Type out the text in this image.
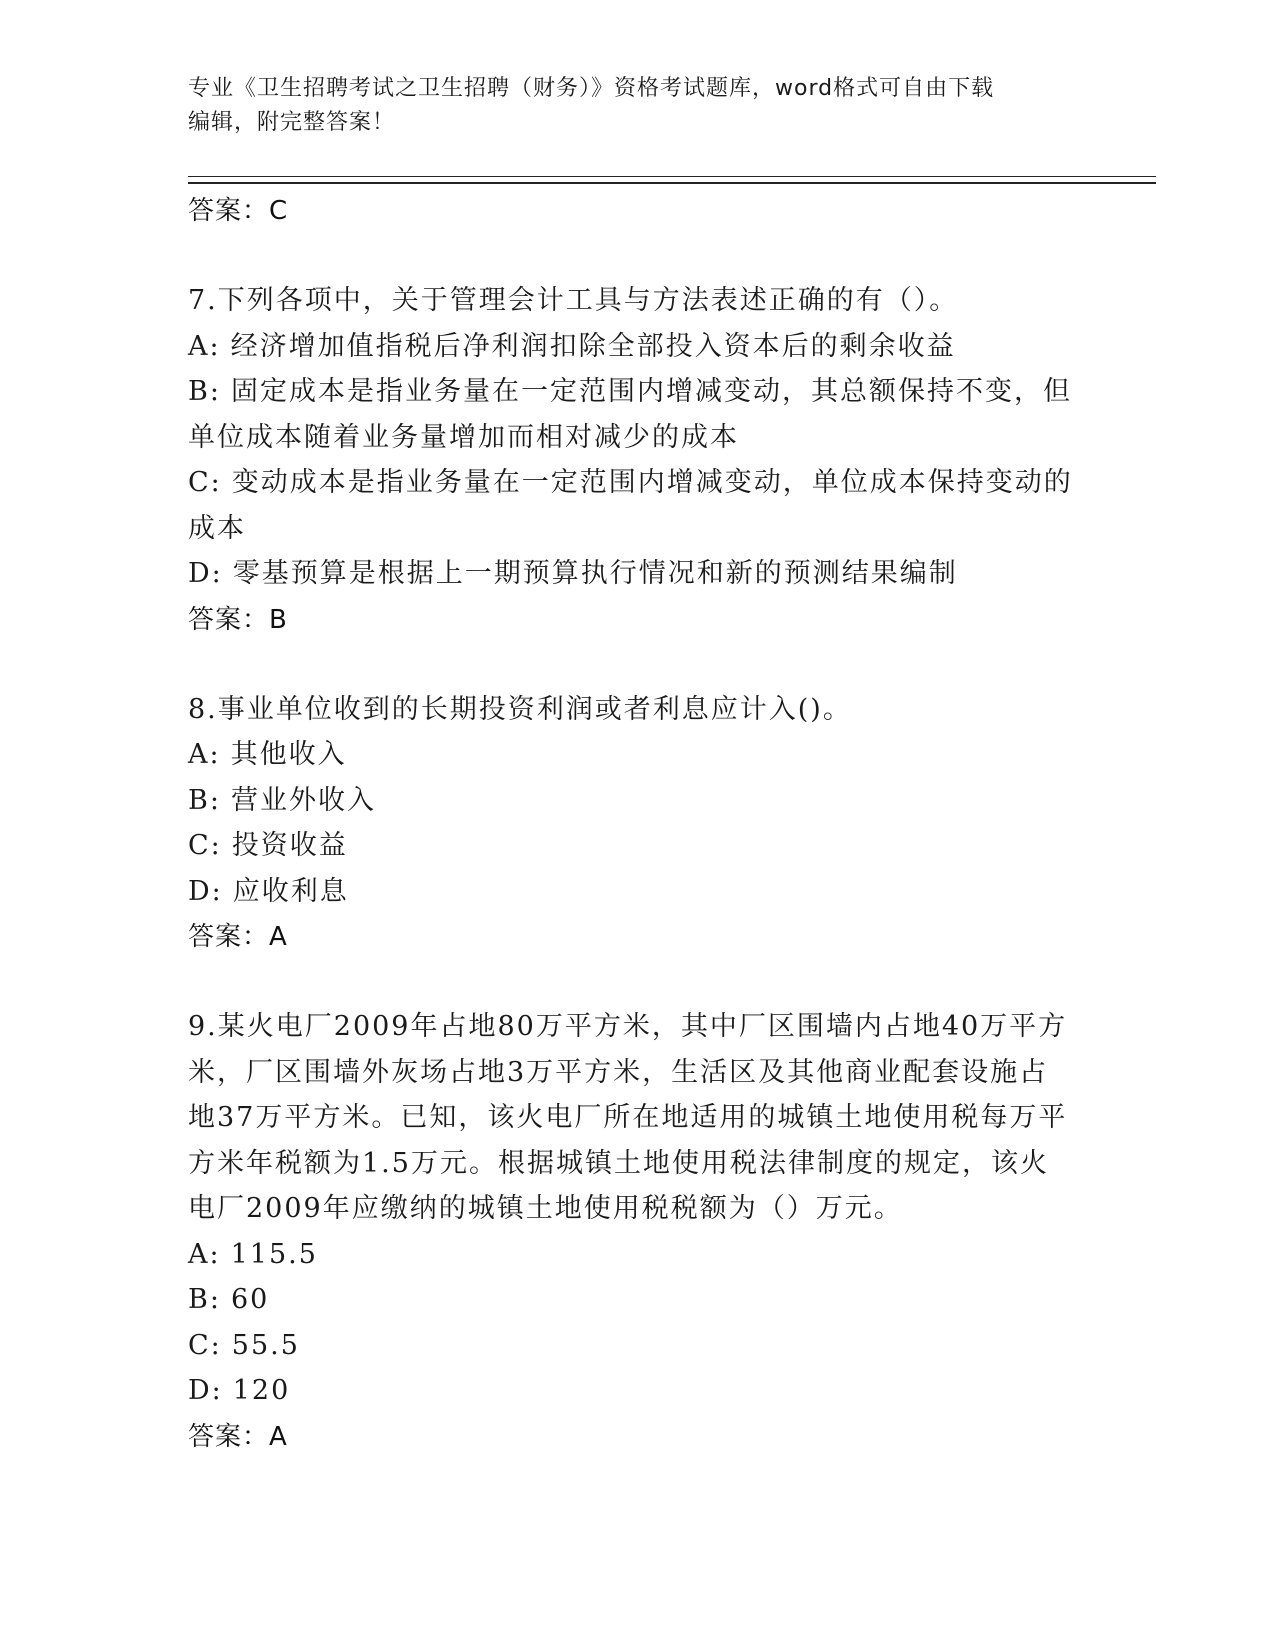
专业《卫生招聘考试之卫生招聘（财务）》资格考试题库，word格式可自由下载
编辑，附完整答案！
答案：C
7.下列各项中，关于管理会计工具与方法表述正确的有（）。
A: 经济增加值指税后净利润扣除全部投入资本后的剩余收益
B: 固定成本是指业务量在一定范围内增减变动，其总额保持不变，但
单位成本随着业务量增加而相对减少的成本
C: 变动成本是指业务量在一定范围内增减变动，单位成本保持变动的
成本
D: 零基预算是根据上一期预算执行情况和新的预测结果编制
答案：B
8.事业单位收到的长期投资利润或者利息应计入()。
A: 其他收入
B: 营业外收入
C: 投资收益
D: 应收利息
答案：A
9.某火电厂2009年占地80万平方米，其中厂区围墙内占地40万平方
米，厂区围墙外灰场占地3万平方米，生活区及其他商业配套设施占
地37万平方米。已知，该火电厂所在地适用的城镇土地使用税每万平
方米年税额为1.5万元。根据城镇土地使用税法律制度的规定，该火
电厂2009年应缴纳的城镇土地使用税税额为（）万元。
A: 115.5
B: 60
C: 55.5
D: 120
答案：A
